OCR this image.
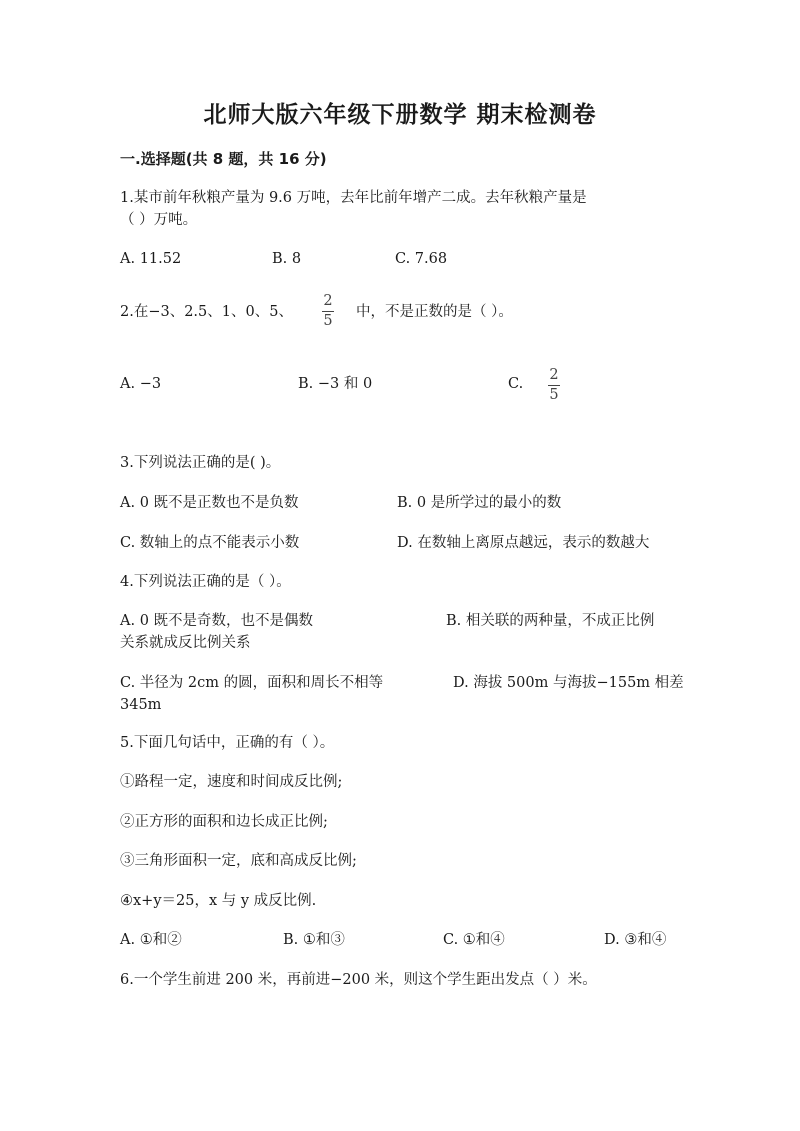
北师大版六年级下册数学 期末检测卷
一.选择题(共 8 题，共 16 分)
1.某市前年秋粮产量为 9.6 万吨，去年比前年增产二成。去年秋粮产量是
（ ）万吨。
A. 11.52	B. 8	C. 7.68
2.在−3、2.5、1、0、5、
2
5
中，不是正数的是（ ）。
A. −3	B. −3 和 0	C.
2
5
3.下列说法正确的是( )。
A. 0 既不是正数也不是负数	B. 0 是所学过的最小的数
C. 数轴上的点不能表示小数	D. 在数轴上离原点越远，表示的数越大
4.下列说法正确的是（ ）。
A. 0 既不是奇数，也不是偶数	B. 相关联的两种量，不成正比例
关系就成反比例关系
C. 半径为 2cm 的圆，面积和周长不相等	D. 海拔 500m 与海拔−155m 相差
345m
5.下面几句话中，正确的有（ ）。
①路程一定，速度和时间成反比例;
②正方形的面积和边长成正比例;
③三角形面积一定，底和高成反比例;
④x+y＝25，x 与 y 成反比例.
A. ①和②	B. ①和③	C. ①和④	D. ③和④
6.一个学生前进 200 米，再前进−200 米，则这个学生距出发点（ ）米。
